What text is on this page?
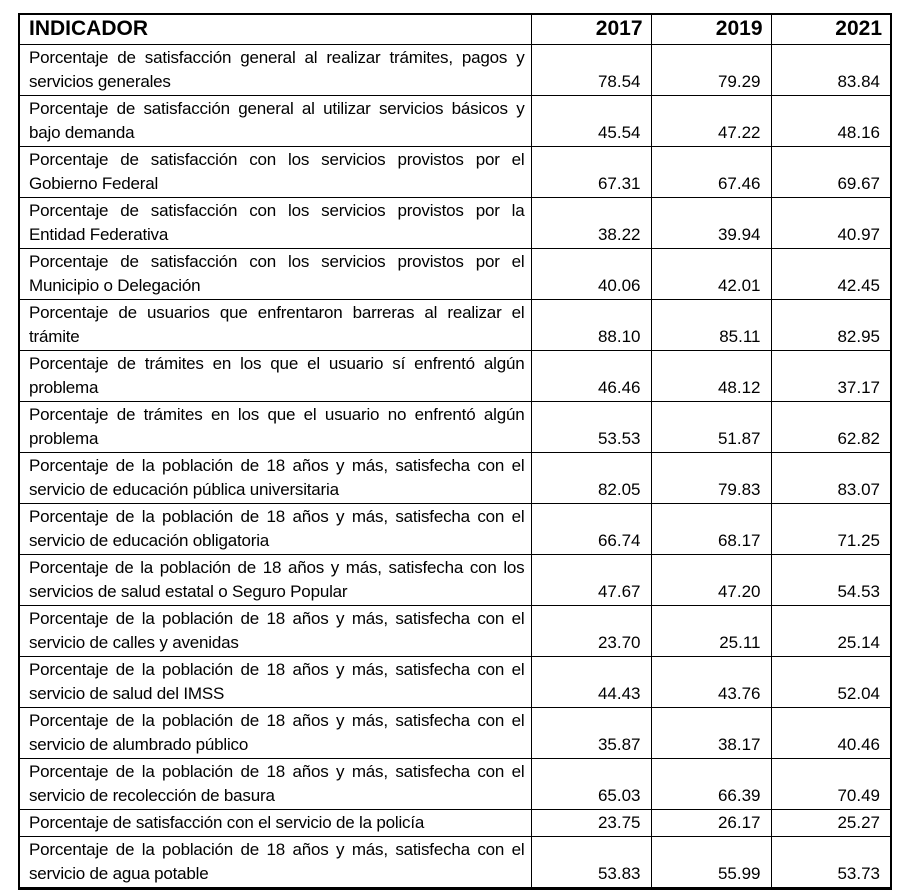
INDICADOR	2017	2019	2021
Porcentaje de satisfacción general al realizar trámites, pagos y servicios generales	78.54	79.29	83.84
Porcentaje de satisfacción general al utilizar servicios básicos y bajo demanda	45.54	47.22	48.16
Porcentaje de satisfacción con los servicios provistos por el Gobierno Federal	67.31	67.46	69.67
Porcentaje de satisfacción con los servicios provistos por la Entidad Federativa	38.22	39.94	40.97
Porcentaje de satisfacción con los servicios provistos por el Municipio o Delegación	40.06	42.01	42.45
Porcentaje de usuarios que enfrentaron barreras al realizar el trámite	88.10	85.11	82.95
Porcentaje de trámites en los que el usuario sí enfrentó algún problema	46.46	48.12	37.17
Porcentaje de trámites en los que el usuario no enfrentó algún problema	53.53	51.87	62.82
Porcentaje de la población de 18 años y más, satisfecha con el servicio de educación pública universitaria	82.05	79.83	83.07
Porcentaje de la población de 18 años y más, satisfecha con el servicio de educación obligatoria	66.74	68.17	71.25
Porcentaje de la población de 18 años y más, satisfecha con los servicios de salud estatal o Seguro Popular	47.67	47.20	54.53
Porcentaje de la población de 18 años y más, satisfecha con el servicio de calles y avenidas	23.70	25.11	25.14
Porcentaje de la población de 18 años y más, satisfecha con el servicio de salud del IMSS	44.43	43.76	52.04
Porcentaje de la población de 18 años y más, satisfecha con el servicio de alumbrado público	35.87	38.17	40.46
Porcentaje de la población de 18 años y más, satisfecha con el servicio de recolección de basura	65.03	66.39	70.49
Porcentaje de satisfacción con el servicio de la policía	23.75	26.17	25.27
Porcentaje de la población de 18 años y más, satisfecha con el servicio de agua potable	53.83	55.99	53.73
